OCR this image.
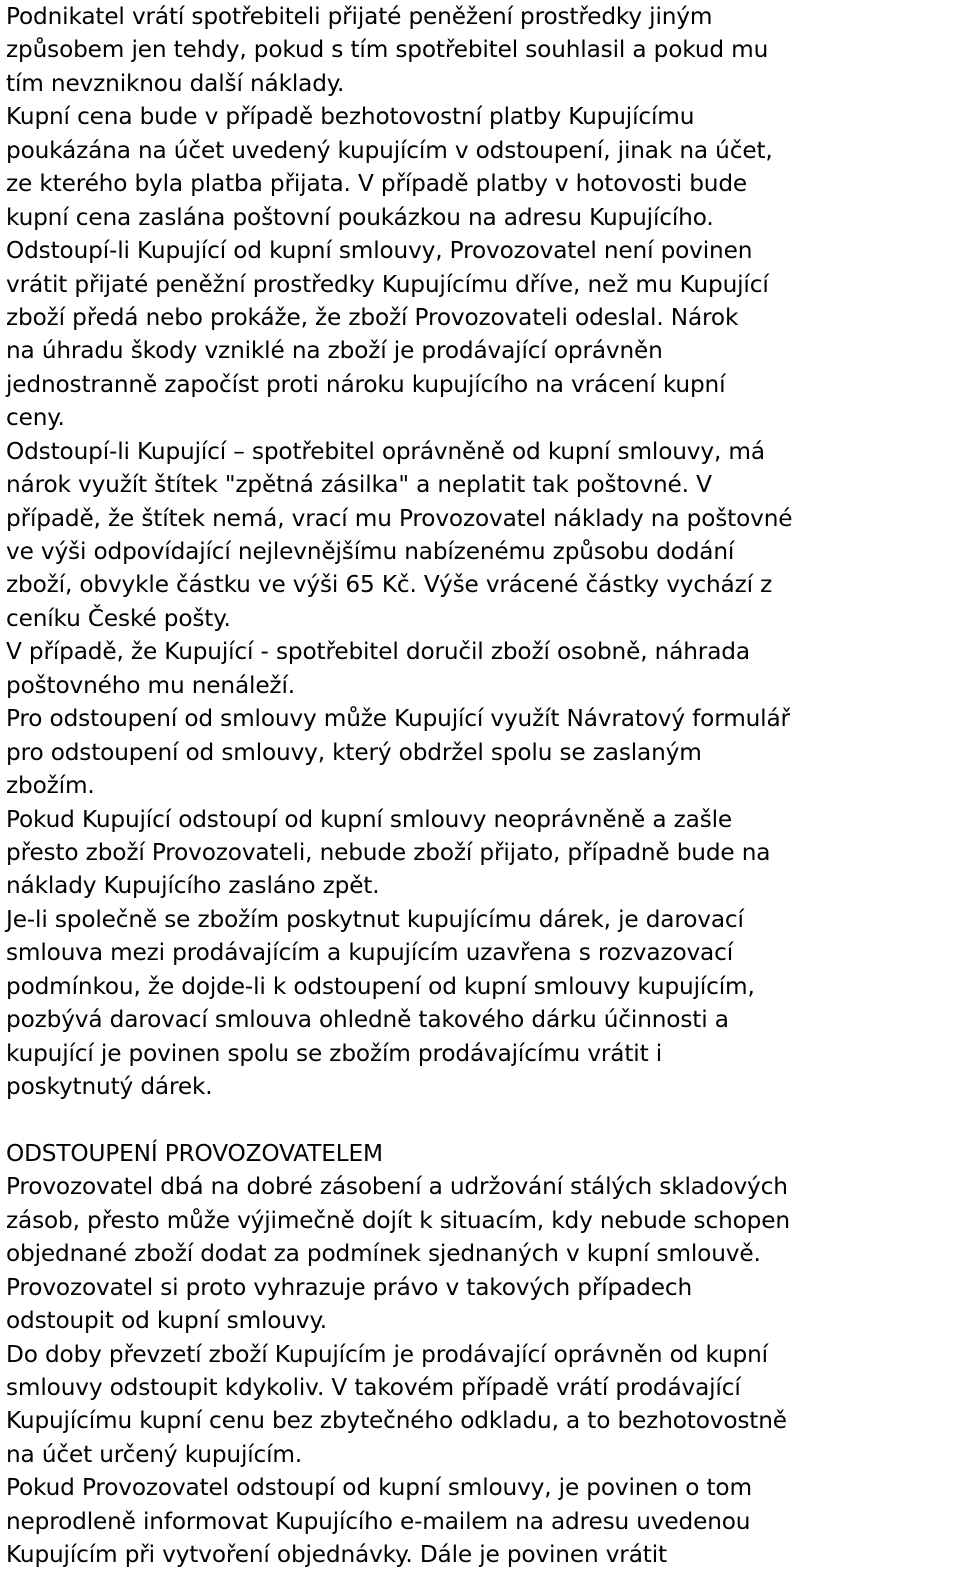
Podnikatel vrátí spotřebiteli přijaté peněžení prostředky jiným
způsobem jen tehdy, pokud s tím spotřebitel souhlasil a pokud mu
tím nevzniknou další náklady.
Kupní cena bude v případě bezhotovostní platby Kupujícímu
poukázána na účet uvedený kupujícím v odstoupení, jinak na účet,
ze kterého byla platba přijata. V případě platby v hotovosti bude
kupní cena zaslána poštovní poukázkou na adresu Kupujícího.
Odstoupí-li Kupující od kupní smlouvy, Provozovatel není povinen
vrátit přijaté peněžní prostředky Kupujícímu dříve, než mu Kupující
zboží předá nebo prokáže, že zboží Provozovateli odeslal. Nárok
na úhradu škody vzniklé na zboží je prodávající oprávněn
jednostranně započíst proti nároku kupujícího na vrácení kupní
ceny.
Odstoupí-li Kupující – spotřebitel oprávněně od kupní smlouvy, má
nárok využít štítek "zpětná zásilka" a neplatit tak poštovné. V
případě, že štítek nemá, vrací mu Provozovatel náklady na poštovné
ve výši odpovídající nejlevnějšímu nabízenému způsobu dodání
zboží, obvykle částku ve výši 65 Kč. Výše vrácené částky vychází z
ceníku České pošty.
V případě, že Kupující - spotřebitel doručil zboží osobně, náhrada
poštovného mu nenáleží.
Pro odstoupení od smlouvy může Kupující využít Návratový formulář
pro odstoupení od smlouvy, který obdržel spolu se zaslaným
zbožím.
Pokud Kupující odstoupí od kupní smlouvy neoprávněně a zašle
přesto zboží Provozovateli, nebude zboží přijato, případně bude na
náklady Kupujícího zasláno zpět.
Je-li společně se zbožím poskytnut kupujícímu dárek, je darovací
smlouva mezi prodávajícím a kupujícím uzavřena s rozvazovací
podmínkou, že dojde-li k odstoupení od kupní smlouvy kupujícím,
pozbývá darovací smlouva ohledně takového dárku účinnosti a
kupující je povinen spolu se zbožím prodávajícímu vrátit i
poskytnutý dárek.
ODSTOUPENÍ PROVOZOVATELEM
Provozovatel dbá na dobré zásobení a udržování stálých skladových
zásob, přesto může výjimečně dojít k situacím, kdy nebude schopen
objednané zboží dodat za podmínek sjednaných v kupní smlouvě.
Provozovatel si proto vyhrazuje právo v takových případech
odstoupit od kupní smlouvy.
Do doby převzetí zboží Kupujícím je prodávající oprávněn od kupní
smlouvy odstoupit kdykoliv. V takovém případě vrátí prodávající
Kupujícímu kupní cenu bez zbytečného odkladu, a to bezhotovostně
na účet určený kupujícím.
Pokud Provozovatel odstoupí od kupní smlouvy, je povinen o tom
neprodleně informovat Kupujícího e-mailem na adresu uvedenou
Kupujícím při vytvoření objednávky. Dále je povinen vrátit
